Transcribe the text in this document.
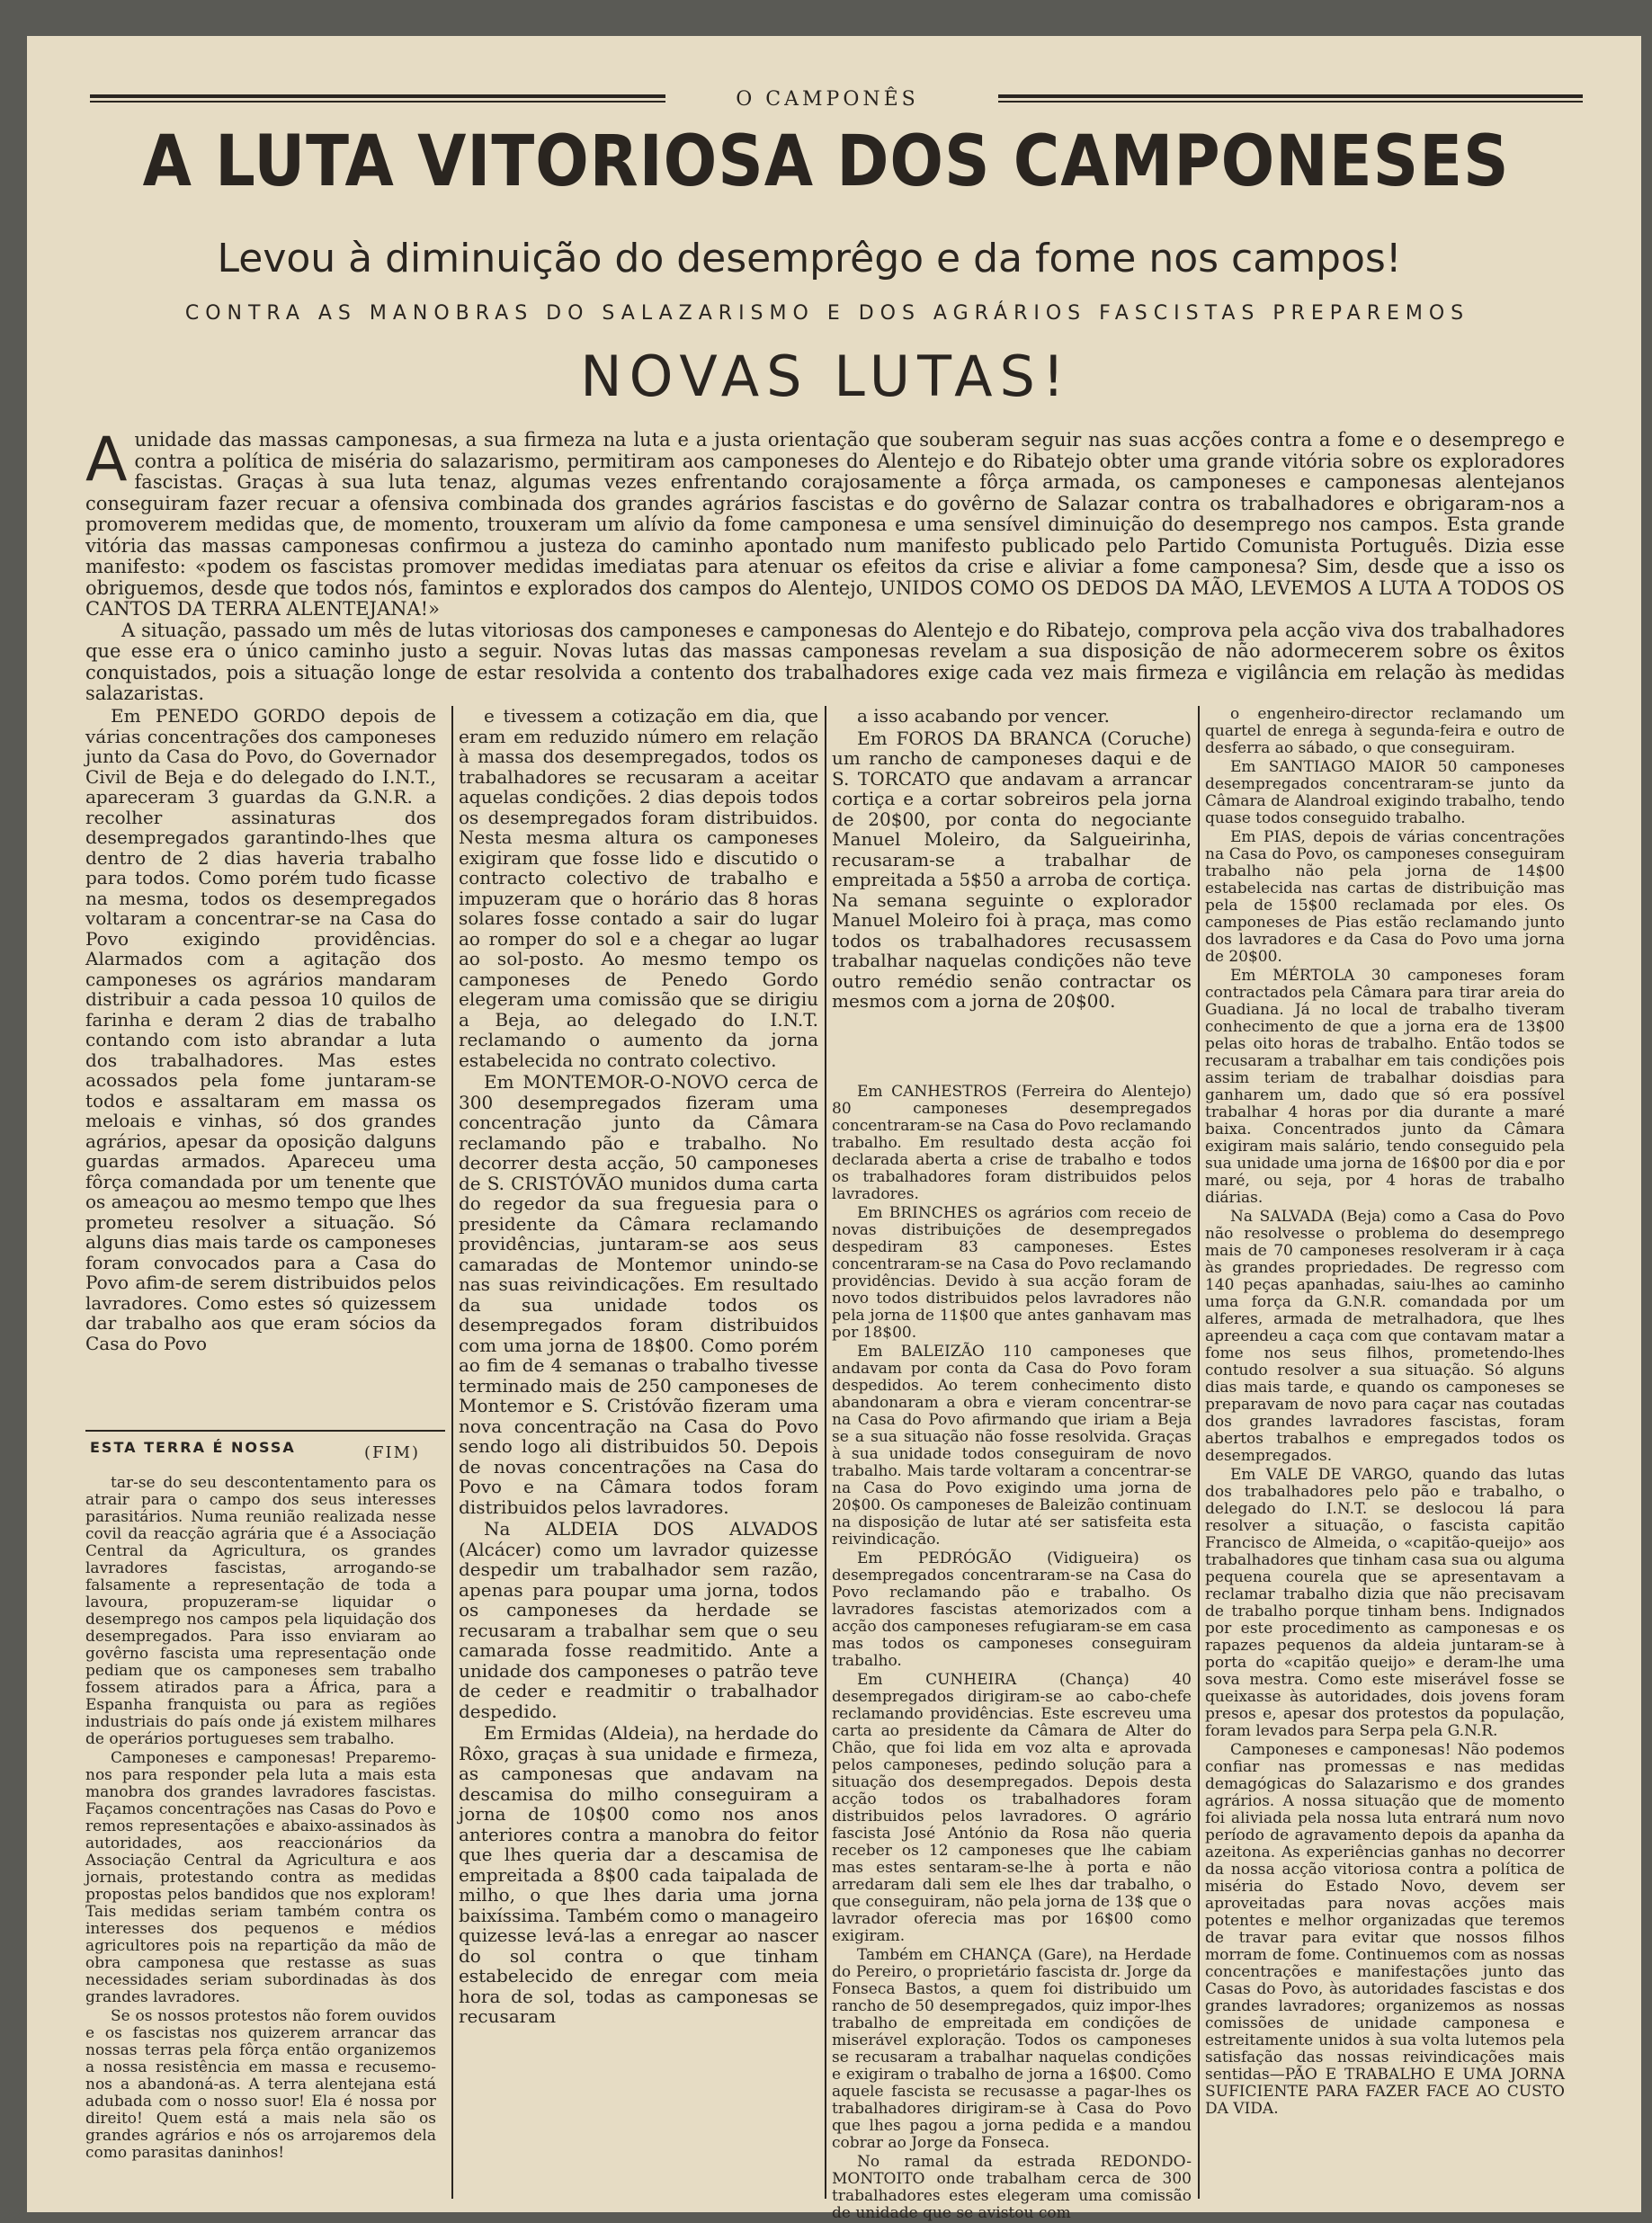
O CAMPONÊS
A LUTA VITORIOSA DOS CAMPONESES
Levou à diminuição do desemprêgo e da fome nos campos!
CONTRA AS MANOBRAS DO SALAZARISMO E DOS AGRÁRIOS FASCISTAS PREPAREMOS
NOVAS LUTAS!

Aunidade das massas camponesas, a sua firmeza na luta e a justa orientação que souberam seguir nas suas acções contra a fome e o desemprego e contra a política de miséria do salazarismo, permitiram aos camponeses do Alentejo e do Ribatejo obter uma grande vitória sobre os exploradores fascistas. Graças à sua luta tenaz, algumas vezes enfrentando corajosamente a fôrça armada, os camponeses e camponesas alentejanos conseguiram fazer recuar a ofensiva combinada dos grandes agrários fascistas e do govêrno de Salazar contra os trabalhadores e obrigaram-nos a promoverem medidas que, de momento, trouxeram um alívio da fome camponesa e uma sensível diminuição do desemprego nos campos. Esta grande vitória das massas camponesas confirmou a justeza do caminho apontado num manifesto publicado pelo Partido Comunista Português. Dizia esse manifesto: «podem os fascistas promover medidas imediatas para atenuar os efeitos da crise e aliviar a fome camponesa? Sim, desde que a isso os obriguemos, desde que todos nós, famintos e explorados dos campos do Alentejo, UNIDOS COMO OS DEDOS DA MÃO, LEVEMOS A LUTA A TODOS OS CANTOS DA TERRA ALENTEJANA!»

A situação, passado um mês de lutas vitoriosas dos camponeses e camponesas do Alentejo e do Ribatejo, comprova pela acção viva dos trabalhadores que esse era o único caminho justo a seguir. Novas lutas das massas camponesas revelam a sua disposição de não adormecerem sobre os êxitos conquistados, pois a situação longe de estar resolvida a contento dos trabalhadores exige cada vez mais firmeza e vigilância em relação às medidas salazaristas.

Em PENEDO GORDO depois de várias concentrações dos camponeses junto da Casa do Povo, do Governador Civil de Beja e do delegado do I.N.T., apareceram 3 guardas da G.N.R. a recolher assinaturas dos desempregados garantindo-lhes que dentro de 2 dias haveria trabalho para todos. Como porém tudo ficasse na mesma, todos os desempregados voltaram a concentrar-se na Casa do Povo exigindo providências. Alarmados com a agitação dos camponeses os agrários mandaram distribuir a cada pessoa 10 quilos de farinha e deram 2 dias de trabalho contando com isto abrandar a luta dos trabalhadores. Mas estes acossados pela fome juntaram-se todos e assaltaram em massa os meloais e vinhas, só dos grandes agrários, apesar da oposição dalguns guardas armados. Apareceu uma fôrça comandada por um tenente que os ameaçou ao mesmo tempo que lhes prometeu resolver a situação. Só alguns dias mais tarde os camponeses foram convocados para a Casa do Povo afim-de serem distribuidos pelos lavradores. Como estes só quizessem dar trabalho aos que eram sócios da Casa do Povo

ESTA TERRA É NOSSA	(FIM)

tar-se do seu descontentamento para os atrair para o campo dos seus interesses parasitários. Numa reunião realizada nesse covil da reacção agrária que é a Associação Central da Agricultura, os grandes lavradores fascistas, arrogando-se falsamente a representação de toda a lavoura, propuzeram-se liquidar o desemprego nos campos pela liquidação dos desempregados. Para isso enviaram ao govêrno fascista uma representação onde pediam que os camponeses sem trabalho fossem atirados para a África, para a Espanha franquista ou para as regiões industriais do país onde já existem milhares de operários portugueses sem trabalho.

Camponeses e camponesas! Preparemo-nos para responder pela luta a mais esta manobra dos grandes lavradores fascistas. Façamos concentrações nas Casas do Povo e remos representações e abaixo-assinados às autoridades, aos reaccionários da Associação Central da Agricultura e aos jornais, protestando contra as medidas propostas pelos bandidos que nos exploram! Tais medidas seriam também contra os interesses dos pequenos e médios agricultores pois na repartição da mão de obra camponesa que restasse as suas necessidades seriam subordinadas às dos grandes lavradores.

Se os nossos protestos não forem ouvidos e os fascistas nos quizerem arrancar das nossas terras pela fôrça então organizemos a nossa resistência em massa e recusemo-nos a abandoná-as. A terra alentejana está adubada com o nosso suor! Ela é nossa por direito! Quem está a mais nela são os grandes agrários e nós os arrojaremos dela como parasitas daninhos!

e tivessem a cotização em dia, que eram em reduzido número em relação à massa dos desempregados, todos os trabalhadores se recusaram a aceitar aquelas condições. 2 dias depois todos os desempregados foram distribuidos. Nesta mesma altura os camponeses exigiram que fosse lido e discutido o contracto colectivo de trabalho e impuzeram que o horário das 8 horas solares fosse contado a sair do lugar ao romper do sol e a chegar ao lugar ao sol-posto. Ao mesmo tempo os camponeses de Penedo Gordo elegeram uma comissão que se dirigiu a Beja, ao delegado do I.N.T. reclamando o aumento da jorna estabelecida no contrato colectivo.

Em MONTEMOR-O-NOVO cerca de 300 desempregados fizeram uma concentração junto da Câmara reclamando pão e trabalho. No decorrer desta acção, 50 camponeses de S. CRISTÓVÃO munidos duma carta do regedor da sua freguesia para o presidente da Câmara reclamando providências, juntaram-se aos seus camaradas de Montemor unindo-se nas suas reivindicações. Em resultado da sua unidade todos os desempregados foram distribuidos com uma jorna de 18$00. Como porém ao fim de 4 semanas o trabalho tivesse terminado mais de 250 camponeses de Montemor e S. Cristóvão fizeram uma nova concentração na Casa do Povo sendo logo ali distribuidos 50. Depois de novas concentrações na Casa do Povo e na Câmara todos foram distribuidos pelos lavradores.

Na ALDEIA DOS ALVADOS (Alcácer) como um lavrador quizesse despedir um trabalhador sem razão, apenas para poupar uma jorna, todos os camponeses da herdade se recusaram a trabalhar sem que o seu camarada fosse readmitido. Ante a unidade dos camponeses o patrão teve de ceder e readmitir o trabalhador despedido.

Em Ermidas (Aldeia), na herdade do Rôxo, graças à sua unidade e firmeza, as camponesas que andavam na descamisa do milho conseguiram a jorna de 10$00 como nos anos anteriores contra a manobra do feitor que lhes queria dar a descamisa de empreitada a 8$00 cada taipalada de milho, o que lhes daria uma jorna baixíssima. Também como o manageiro quizesse levá-las a enregar ao nascer do sol contra o que tinham estabelecido de enregar com meia hora de sol, todas as camponesas se recusaram

a isso acabando por vencer.

Em FOROS DA BRANCA (Coruche) um rancho de camponeses daqui e de S. TORCATO que andavam a arrancar cortiça e a cortar sobreiros pela jorna de 20$00, por conta do negociante Manuel Moleiro, da Salgueirinha, recusaram-se a trabalhar de empreitada a 5$50 a arroba de cortiça. Na semana seguinte o explorador Manuel Moleiro foi à praça, mas como todos os trabalhadores recusassem trabalhar naquelas condições não teve outro remédio senão contractar os mesmos com a jorna de 20$00.

Em CANHESTROS (Ferreira do Alentejo) 80 camponeses desempregados concentraram-se na Casa do Povo reclamando trabalho. Em resultado desta acção foi declarada aberta a crise de trabalho e todos os trabalhadores foram distribuidos pelos lavradores.

Em BRINCHES os agrários com receio de novas distribuições de desempregados despediram 83 camponeses. Estes concentraram-se na Casa do Povo reclamando providências. Devido à sua acção foram de novo todos distribuidos pelos lavradores não pela jorna de 11$00 que antes ganhavam mas por 18$00.

Em BALEIZÃO 110 camponeses que andavam por conta da Casa do Povo foram despedidos. Ao terem conhecimento disto abandonaram a obra e vieram concentrar-se na Casa do Povo afirmando que iriam a Beja se a sua situação não fosse resolvida. Graças à sua unidade todos conseguiram de novo trabalho. Mais tarde voltaram a concentrar-se na Casa do Povo exigindo uma jorna de 20$00. Os camponeses de Baleizão continuam na disposição de lutar até ser satisfeita esta reivindicação.

Em PEDRÓGÃO (Vidigueira) os desempregados concentraram-se na Casa do Povo reclamando pão e trabalho. Os lavradores fascistas atemorizados com a acção dos camponeses refugiaram-se em casa mas todos os camponeses conseguiram trabalho.

Em CUNHEIRA (Chança) 40 desempregados dirigiram-se ao cabo-chefe reclamando providências. Este escreveu uma carta ao presidente da Câmara de Alter do Chão, que foi lida em voz alta e aprovada pelos camponeses, pedindo solução para a situação dos desempregados. Depois desta acção todos os trabalhadores foram distribuidos pelos lavradores. O agrário fascista José António da Rosa não queria receber os 12 camponeses que lhe cabiam mas estes sentaram-se-lhe à porta e não arredaram dali sem ele lhes dar trabalho, o que conseguiram, não pela jorna de 13$ que o lavrador oferecia mas por 16$00 como exigiram.

Também em CHANÇA (Gare), na Herdade do Pereiro, o proprietário fascista dr. Jorge da Fonseca Bastos, a quem foi distribuido um rancho de 50 desempregados, quiz impor-lhes trabalho de empreitada em condições de miserável exploração. Todos os camponeses se recusaram a trabalhar naquelas condições e exigiram o trabalho de jorna a 16$00. Como aquele fascista se recusasse a pagar-lhes os trabalhadores dirigiram-se à Casa do Povo que lhes pagou a jorna pedida e a mandou cobrar ao Jorge da Fonseca.

No ramal da estrada REDONDO-MONTOITO onde trabalham cerca de 300 trabalhadores estes elegeram uma comissão de unidade que se avistou com

o engenheiro-director reclamando um quartel de enrega à segunda-feira e outro de desferra ao sábado, o que conseguiram.

Em SANTIAGO MAIOR 50 camponeses desempregados concentraram-se junto da Câmara de Alandroal exigindo trabalho, tendo quase todos conseguido trabalho.

Em PIAS, depois de várias concentrações na Casa do Povo, os camponeses conseguiram trabalho não pela jorna de 14$00 estabelecida nas cartas de distribuição mas pela de 15$00 reclamada por eles. Os camponeses de Pias estão reclamando junto dos lavradores e da Casa do Povo uma jorna de 20$00.

Em MÉRTOLA 30 camponeses foram contractados pela Câmara para tirar areia do Guadiana. Já no local de trabalho tiveram conhecimento de que a jorna era de 13$00 pelas oito horas de trabalho. Então todos se recusaram a trabalhar em tais condições pois assim teriam de trabalhar doisdias para ganharem um, dado que só era possível trabalhar 4 horas por dia durante a maré baixa. Concentrados junto da Câmara exigiram mais salário, tendo conseguido pela sua unidade uma jorna de 16$00 por dia e por maré, ou seja, por 4 horas de trabalho diárias.

Na SALVADA (Beja) como a Casa do Povo não resolvesse o problema do desemprego mais de 70 camponeses resolveram ir à caça às grandes propriedades. De regresso com 140 peças apanhadas, saiu-lhes ao caminho uma força da G.N.R. comandada por um alferes, armada de metralhadora, que lhes apreendeu a caça com que contavam matar a fome nos seus filhos, prometendo-lhes contudo resolver a sua situação. Só alguns dias mais tarde, e quando os camponeses se preparavam de novo para caçar nas coutadas dos grandes lavradores fascistas, foram abertos trabalhos e empregados todos os desempregados.

Em VALE DE VARGO, quando das lutas dos trabalhadores pelo pão e trabalho, o delegado do I.N.T. se deslocou lá para resolver a situação, o fascista capitão Francisco de Almeida, o «capitão-queijo» aos trabalhadores que tinham casa sua ou alguma pequena courela que se apresentavam a reclamar trabalho dizia que não precisavam de trabalho porque tinham bens. Indignados por este procedimento as camponesas e os rapazes pequenos da aldeia juntaram-se à porta do «capitão queijo» e deram-lhe uma sova mestra. Como este miserável fosse se queixasse às autoridades, dois jovens foram presos e, apesar dos protestos da população, foram levados para Serpa pela G.N.R.

Camponeses e camponesas! Não podemos confiar nas promessas e nas medidas demagógicas do Salazarismo e dos grandes agrários. A nossa situação que de momento foi aliviada pela nossa luta entrará num novo período de agravamento depois da apanha da azeitona. As experiências ganhas no decorrer da nossa acção vitoriosa contra a política de miséria do Estado Novo, devem ser aproveitadas para novas acções mais potentes e melhor organizadas que teremos de travar para evitar que nossos filhos morram de fome. Continuemos com as nossas concentrações e manifestações junto das Casas do Povo, às autoridades fascistas e dos grandes lavradores; organizemos as nossas comissões de unidade camponesa e estreitamente unidos à sua volta lutemos pela satisfação das nossas reivindicações mais sentidas—PÃO E TRABALHO E UMA JORNA SUFICIENTE PARA FAZER FACE AO CUSTO DA VIDA.
